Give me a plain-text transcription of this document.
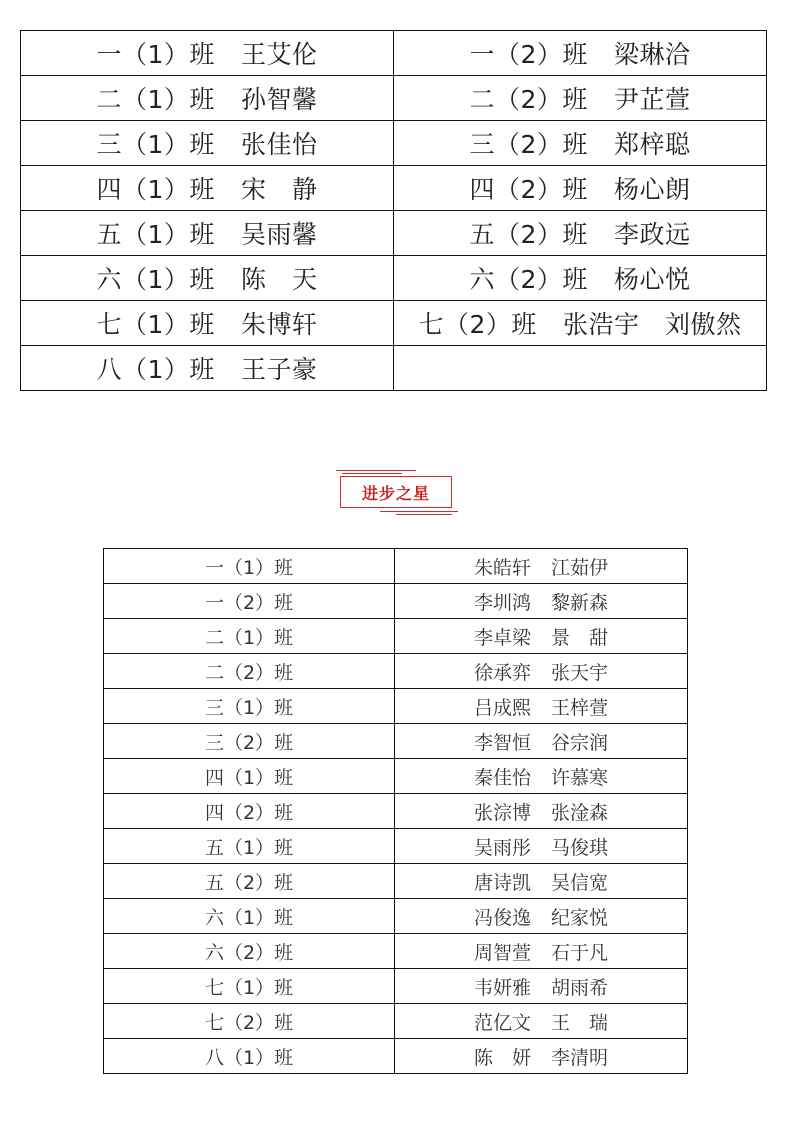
一（1）班 王艾伦	一（2）班 梁琳洽

二（1）班 孙智馨	二（2）班 尹芷萱

三（1）班 张佳怡	三（2）班 郑梓聪

四（1）班 宋　静	四（2）班 杨心朗

五（1）班 吴雨馨	五（2）班 李政远

六（1）班 陈　天	六（2）班 杨心悦

七（1）班 朱博轩	七（2）班 张浩宇　刘傲然

八（1）班 王子豪	

进步之星
一（1）班	朱皓轩 江茹伊

一（2）班	李圳鸿 黎新森

二（1）班	李卓梁 景　甜

二（2）班	徐承弈 张天宇

三（1）班	吕成熙 王梓萱

三（2）班	李智恒 谷宗润

四（1）班	秦佳怡 许慕寒

四（2）班	张淙博 张淦森

五（1）班	吴雨彤 马俊琪

五（2）班	唐诗凯 吴信宽

六（1）班	冯俊逸 纪家悦

六（2）班	周智萱 石于凡

七（1）班	韦妍雅 胡雨希

七（2）班	范亿文 王　瑞

八（1）班	陈　妍 李清明
